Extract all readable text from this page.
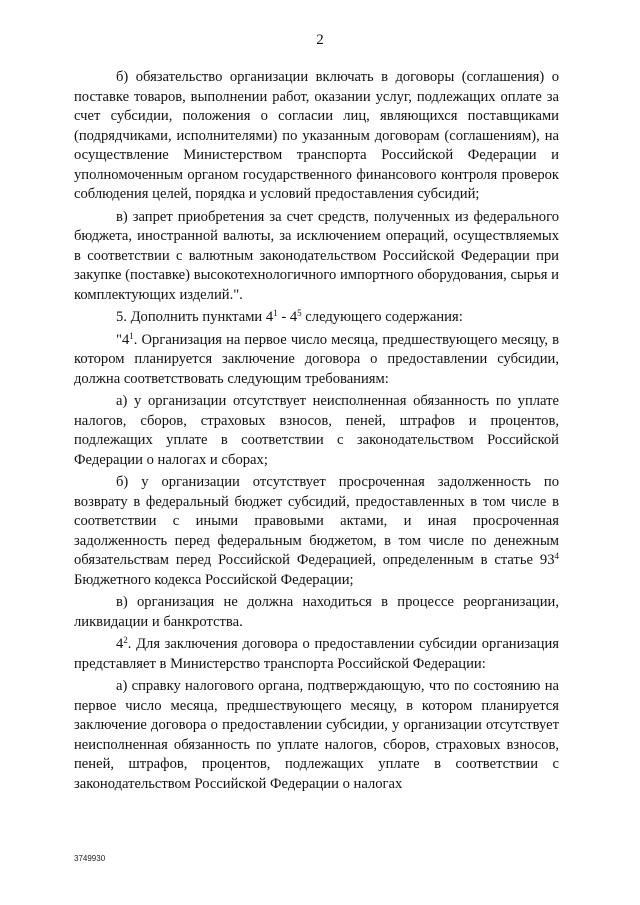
2

б) обязательство организации включать в договоры (соглашения) о поставке товаров, выполнении работ, оказании услуг, подлежащих оплате за счет субсидии, положения о согласии лиц, являющихся поставщиками (подрядчиками, исполнителями) по указанным договорам (соглашениям), на осуществление Министерством транспорта Российской Федерации и уполномоченным органом государственного финансового контроля проверок соблюдения целей, порядка и условий предоставления субсидий;

в) запрет приобретения за счет средств, полученных из федерального бюджета, иностранной валюты, за исключением операций, осуществляемых в соответствии с валютным законодательством Российской Федерации при закупке (поставке) высокотехнологичного импортного оборудования, сырья и комплектующих изделий.".

5. Дополнить пунктами $4^1 - 4^5$ следующего содержания:

"$4^1$. Организация на первое число месяца, предшествующего месяцу, в котором планируется заключение договора о предоставлении субсидии, должна соответствовать следующим требованиям:

а) у организации отсутствует неисполненная обязанность по уплате налогов, сборов, страховых взносов, пеней, штрафов и процентов, подлежащих уплате в соответствии с законодательством Российской Федерации о налогах и сборах;

б) у организации отсутствует просроченная задолженность по возврату в федеральный бюджет субсидий, предоставленных в том числе в соответствии с иными правовыми актами, и иная просроченная задолженность перед федеральным бюджетом, в том числе по денежным обязательствам перед Российской Федерацией, определенным в статье $93^4$ Бюджетного кодекса Российской Федерации;

в) организация не должна находиться в процессе реорганизации, ликвидации и банкротства.

$4^2$. Для заключения договора о предоставлении субсидии организация представляет в Министерство транспорта Российской Федерации:

а) справку налогового органа, подтверждающую, что по состоянию на первое число месяца, предшествующего месяцу, в котором планируется заключение договора о предоставлении субсидии, у организации отсутствует неисполненная обязанность по уплате налогов, сборов, страховых взносов, пеней, штрафов, процентов, подлежащих уплате в соответствии с законодательством Российской Федерации о налогах

3749930
